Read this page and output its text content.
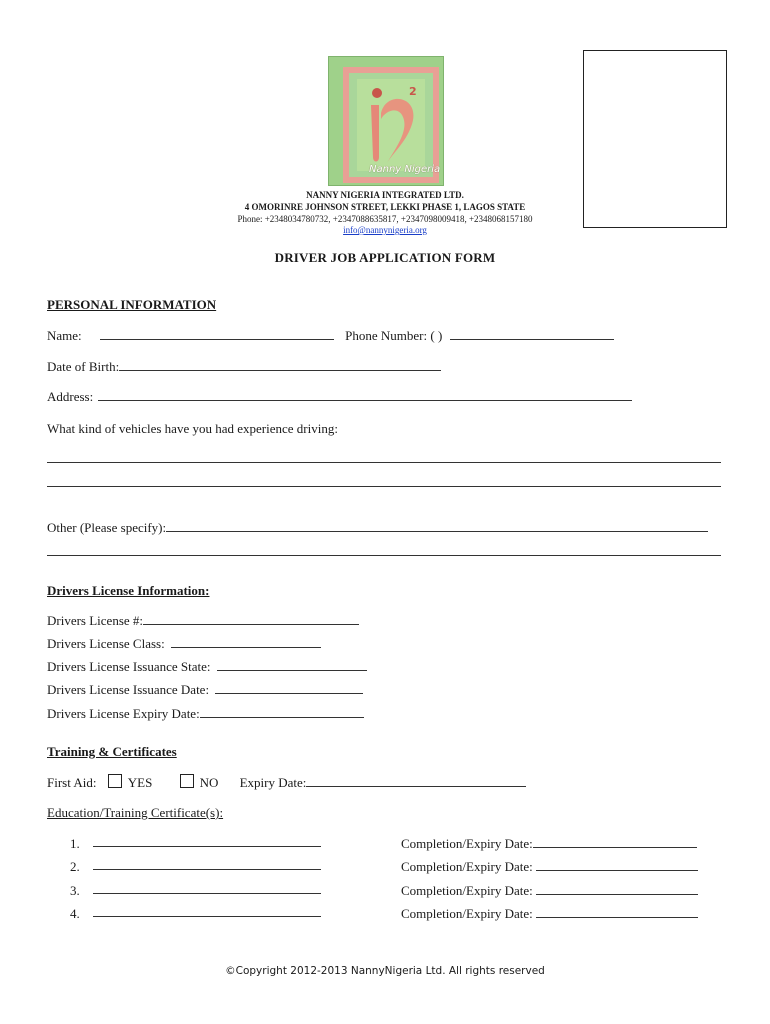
2
Nanny Nigeria
NANNY NIGERIA INTEGRATED LTD.
4 OMORINRE JOHNSON STREET, LEKKI PHASE 1, LAGOS STATE
Phone: +2348034780732, +2347088635817, +2347098009418, +2348068157180
info@nannynigeria.org
DRIVER JOB APPLICATION FORM
PERSONAL INFORMATION
Name:	Phone Number: ( )
Date of Birth:
Address:
What kind of vehicles have you had experience driving:
Other (Please specify):
Drivers License Information:
Drivers License #:
Drivers License Class:
Drivers License Issuance State:
Drivers License Issuance Date:
Drivers License Expiry Date:
Training & Certificates
First Aid: YES	NO Expiry Date:
Education/Training Certificate(s):
1.	Completion/Expiry Date:
2.	Completion/Expiry Date:
3.	Completion/Expiry Date:
4.	Completion/Expiry Date:
©Copyright 2012-2013 NannyNigeria Ltd. All rights reserved
